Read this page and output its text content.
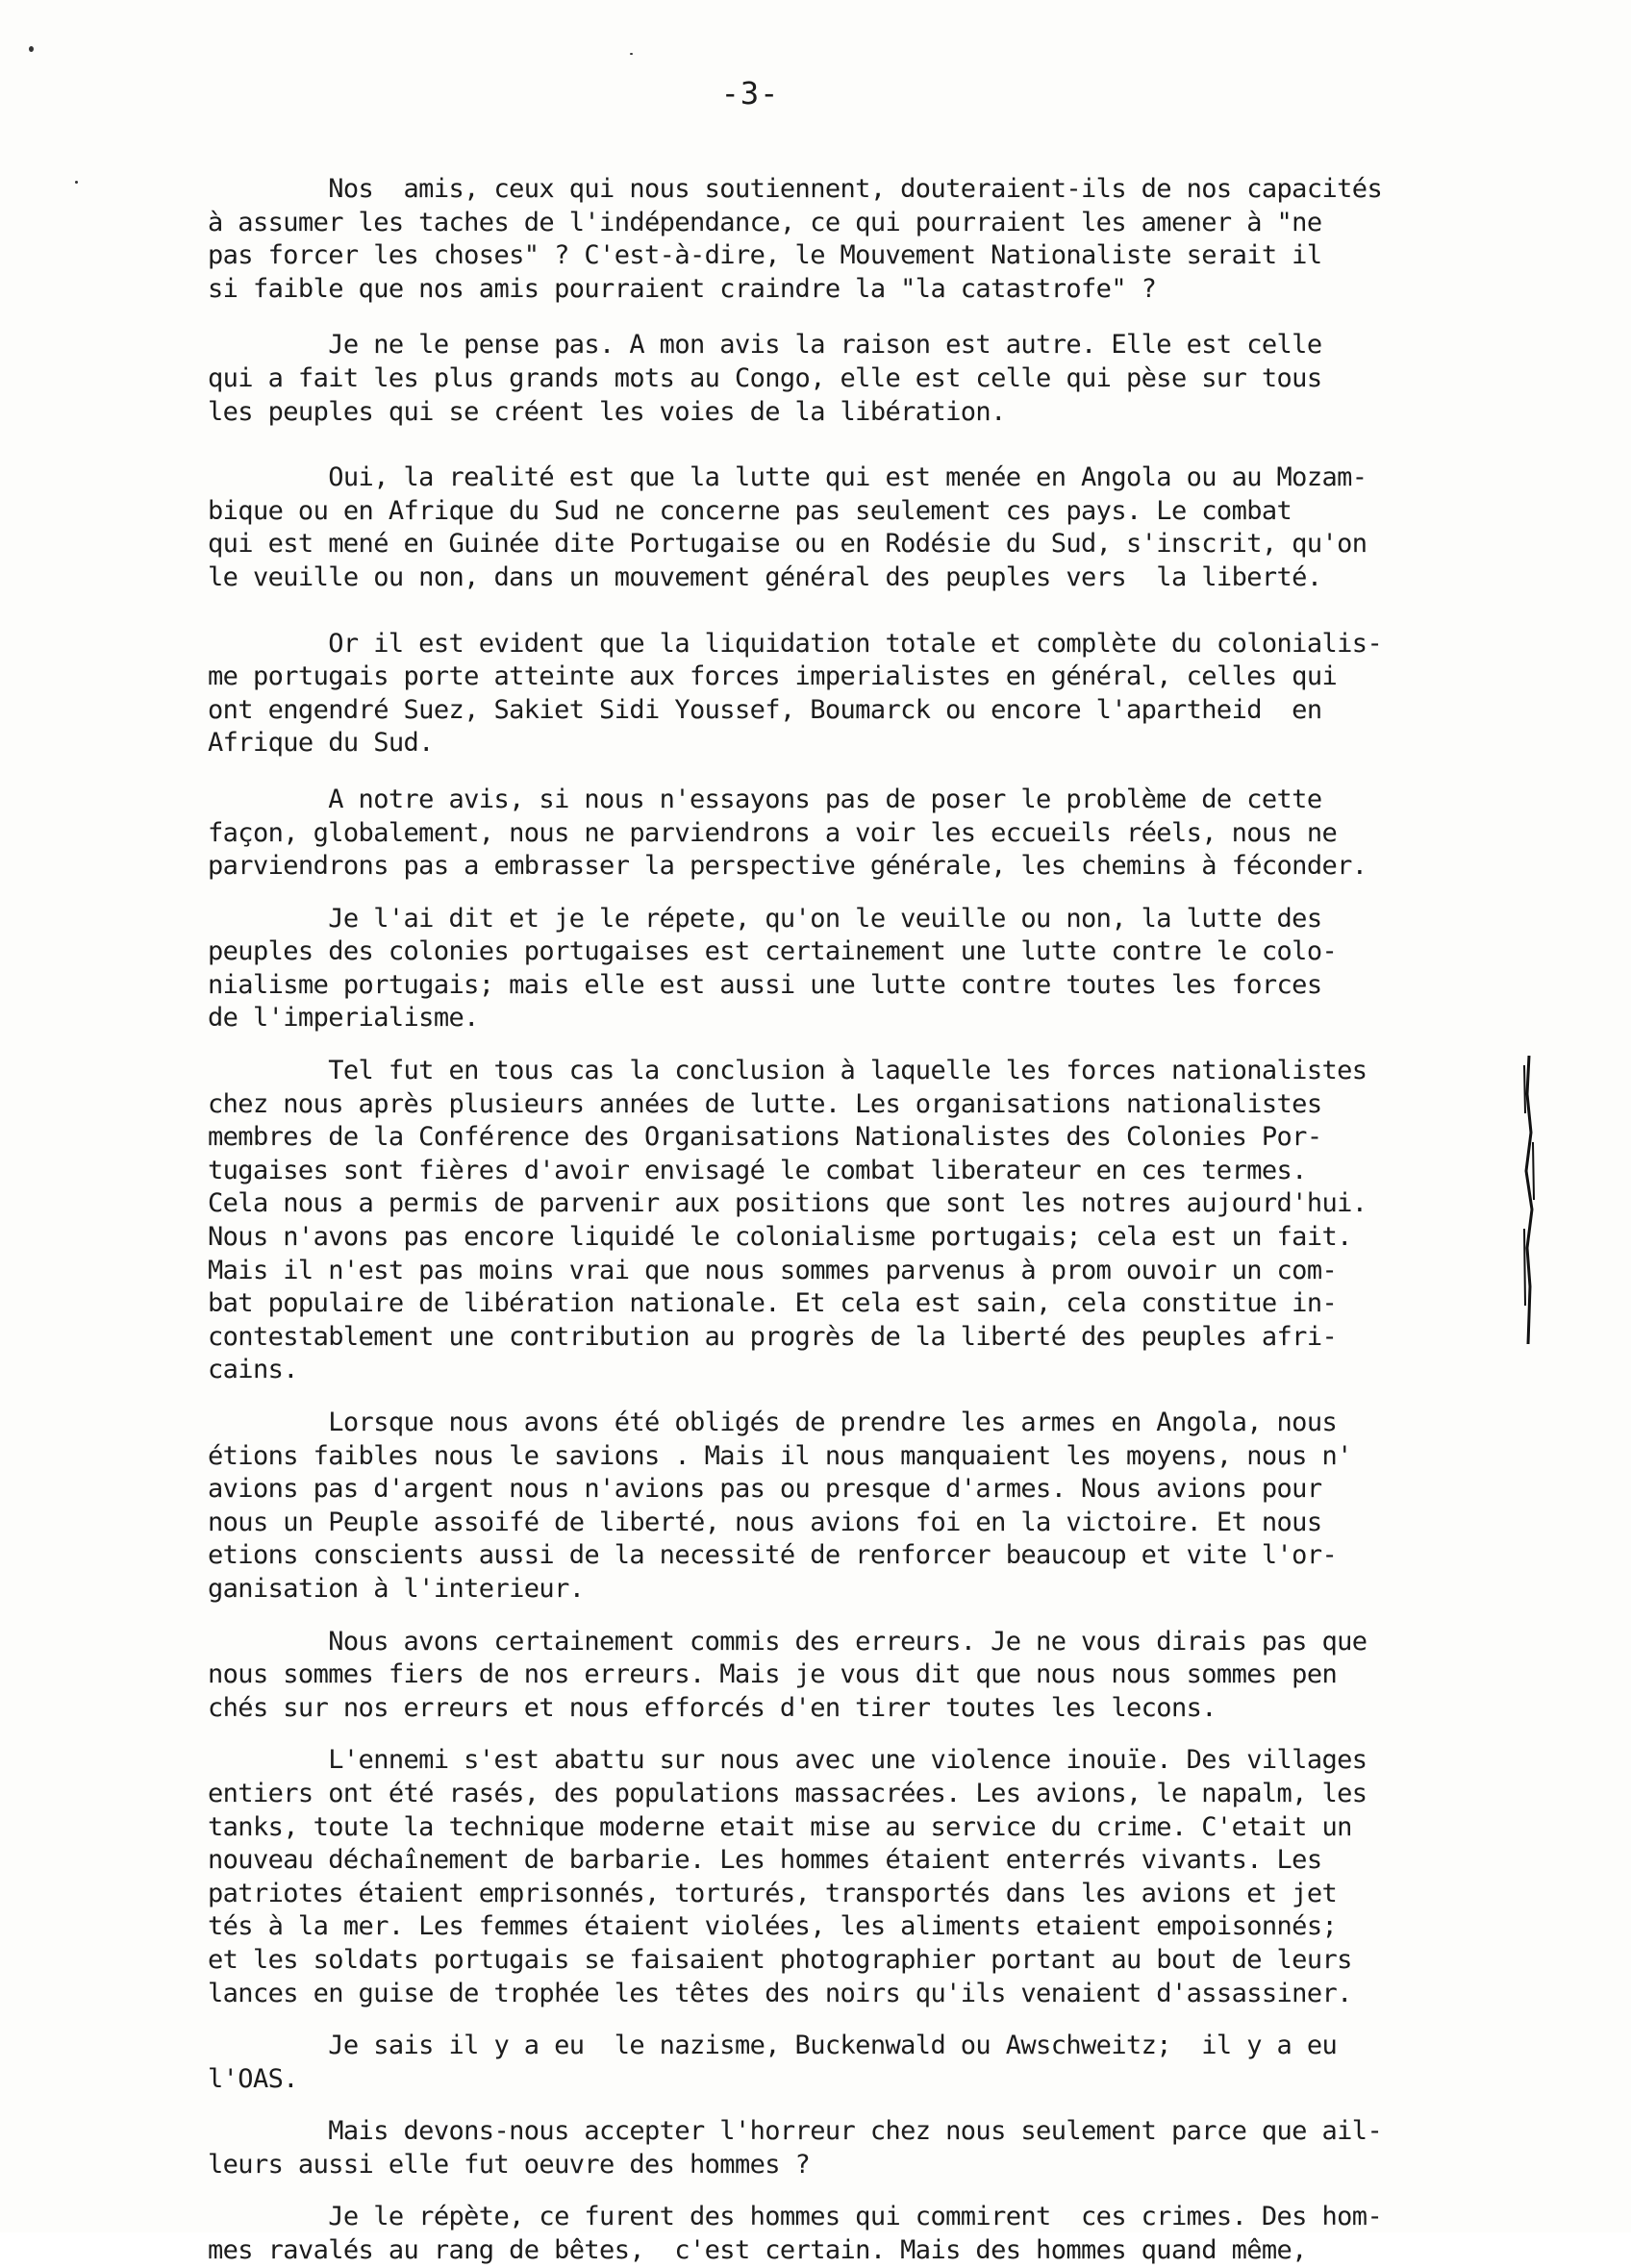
-3-

Nos  amis, ceux qui nous soutiennent, douteraient-ils de nos capacités
à assumer les taches de l'indépendance, ce qui pourraient les amener à "ne
pas forcer les choses" ? C'est-à-dire, le Mouvement Nationaliste serait il
si faible que nos amis pourraient craindre la "la catastrofe" ?

Je ne le pense pas. A mon avis la raison est autre. Elle est celle
qui a fait les plus grands mots au Congo, elle est celle qui pèse sur tous
les peuples qui se créent les voies de la libération.

Oui, la realité est que la lutte qui est menée en Angola ou au Mozam-
bique ou en Afrique du Sud ne concerne pas seulement ces pays. Le combat
qui est mené en Guinée dite Portugaise ou en Rodésie du Sud, s'inscrit, qu'on
le veuille ou non, dans un mouvement général des peuples vers  la liberté.

Or il est evident que la liquidation totale et complète du colonialis-
me portugais porte atteinte aux forces imperialistes en général, celles qui
ont engendré Suez, Sakiet Sidi Youssef, Boumarck ou encore l'apartheid  en
Afrique du Sud.

A notre avis, si nous n'essayons pas de poser le problème de cette
façon, globalement, nous ne parviendrons a voir les eccueils réels, nous ne
parviendrons pas a embrasser la perspective générale, les chemins à féconder.

Je l'ai dit et je le répete, qu'on le veuille ou non, la lutte des
peuples des colonies portugaises est certainement une lutte contre le colo-
nialisme portugais; mais elle est aussi une lutte contre toutes les forces
de l'imperialisme.

Tel fut en tous cas la conclusion à laquelle les forces nationalistes
chez nous après plusieurs années de lutte. Les organisations nationalistes
membres de la Conférence des Organisations Nationalistes des Colonies Por-
tugaises sont fières d'avoir envisagé le combat liberateur en ces termes.
Cela nous a permis de parvenir aux positions que sont les notres aujourd'hui.
Nous n'avons pas encore liquidé le colonialisme portugais; cela est un fait.
Mais il n'est pas moins vrai que nous sommes parvenus à prom ouvoir un com-
bat populaire de libération nationale. Et cela est sain, cela constitue in-
contestablement une contribution au progrès de la liberté des peuples afri-
cains.

Lorsque nous avons été obligés de prendre les armes en Angola, nous
étions faibles nous le savions . Mais il nous manquaient les moyens, nous n'
avions pas d'argent nous n'avions pas ou presque d'armes. Nous avions pour
nous un Peuple assoifé de liberté, nous avions foi en la victoire. Et nous
etions conscients aussi de la necessité de renforcer beaucoup et vite l'or-
ganisation à l'interieur.

Nous avons certainement commis des erreurs. Je ne vous dirais pas que
nous sommes fiers de nos erreurs. Mais je vous dit que nous nous sommes pen
chés sur nos erreurs et nous efforcés d'en tirer toutes les lecons.

L'ennemi s'est abattu sur nous avec une violence inouïe. Des villages
entiers ont été rasés, des populations massacrées. Les avions, le napalm, les
tanks, toute la technique moderne etait mise au service du crime. C'etait un
nouveau déchaînement de barbarie. Les hommes étaient enterrés vivants. Les
patriotes étaient emprisonnés, torturés, transportés dans les avions et jet
tés à la mer. Les femmes étaient violées, les aliments etaient empoisonnés;
et les soldats portugais se faisaient photographier portant au bout de leurs
lances en guise de trophée les têtes des noirs qu'ils venaient d'assassiner.

Je sais il y a eu  le nazisme, Buckenwald ou Awschweitz;  il y a eu
l'OAS.

Mais devons-nous accepter l'horreur chez nous seulement parce que ail-
leurs aussi elle fut oeuvre des hommes ?

Je le répète, ce furent des hommes qui commirent  ces crimes. Des hom-
mes ravalés au rang de bêtes,  c'est certain. Mais des hommes quand même,
